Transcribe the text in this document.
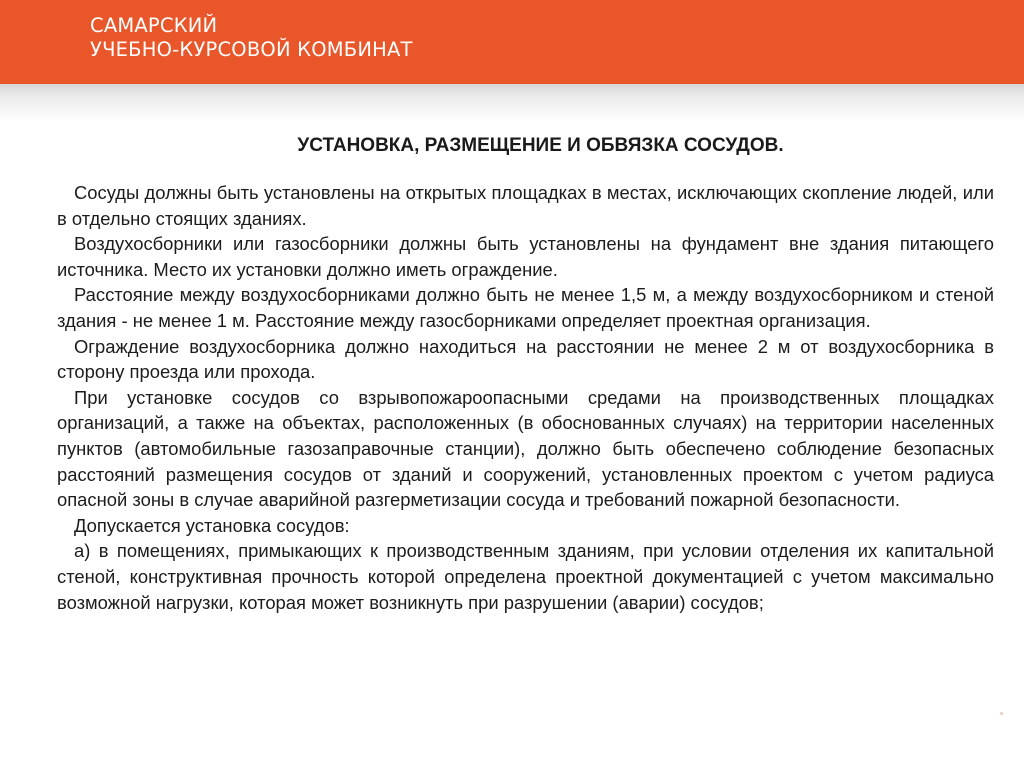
САМАРСКИЙ
УЧЕБНО-КУРСОВОЙ КОМБИНАТ
УСТАНОВКА, РАЗМЕЩЕНИЕ И ОБВЯЗКА СОСУДОВ.

Сосуды должны быть установлены на открытых площадках в местах, исключающих скопление людей, или в отдельно стоящих зданиях.

Воздухосборники или газосборники должны быть установлены на фундамент вне здания питающего источника. Место их установки должно иметь ограждение.

Расстояние между воздухосборниками должно быть не менее 1,5 м, а между воздухосборником и стеной здания - не менее 1 м. Расстояние между газосборниками определяет проектная организация.

Ограждение воздухосборника должно находиться на расстоянии не менее 2 м от воздухосборника в сторону проезда или прохода.

При установке сосудов со взрывопожароопасными средами на производственных площадках организаций, а также на объектах, расположенных (в обоснованных случаях) на территории населенных пунктов (автомобильные газозаправочные станции), должно быть обеспечено соблюдение безопасных расстояний размещения сосудов от зданий и сооружений, установленных проектом с учетом радиуса опасной зоны в случае аварийной разгерметизации сосуда и требований пожарной безопасности.

Допускается установка сосудов:

а) в помещениях, примыкающих к производственным зданиям, при условии отделения их капитальной стеной, конструктивная прочность которой определена проектной документацией с учетом максимально возможной нагрузки, которая может возникнуть при разрушении (аварии) сосудов;
